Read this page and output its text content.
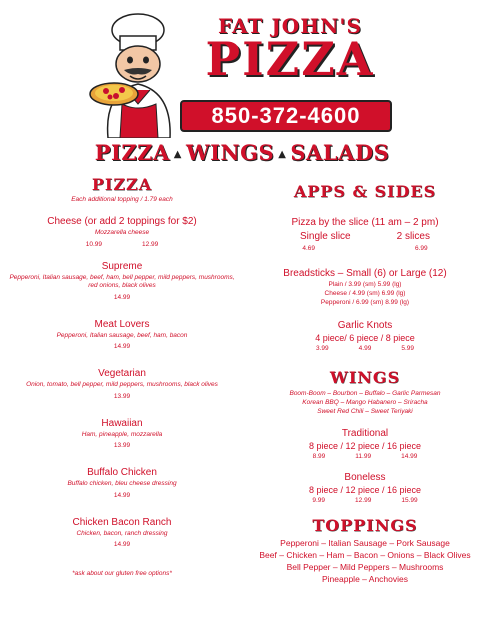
FAT JOHN'S
PIZZA
850-372-4600
PIZZA ▲ WINGS ▲ SALADS
PIZZA
Each additional topping / 1.79 each
Cheese (or add 2 toppings for $2)
Mozzarella cheese
10.99	12.99
Supreme
Pepperoni, Italian sausage, beef, ham, bell pepper, mild peppers, mushrooms, red onions, black olives
14.99
Meat Lovers
Pepperoni, Italian sausage, beef, ham, bacon
14.99
Vegetarian
Onion, tomato, bell pepper, mild peppers, mushrooms, black olives
13.99
Hawaiian
Ham, pineapple, mozzarella
13.99
Buffalo Chicken
Buffalo chicken, bleu cheese dressing
14.99
Chicken Bacon Ranch
Chicken, bacon, ranch dressing
14.99
*ask about our gluten free options*
APPS & SIDES
Pizza by the slice (11 am – 2 pm)
Single slice	2 slices
4.69	6.99
Breadsticks – Small (6) or Large (12)
Plain / 3.99 (sm) 5.99 (lg)
Cheese / 4.99 (sm) 6.99 (lg)
Pepperoni / 6.99 (sm) 8.99 (lg)
Garlic Knots
4 piece/ 6 piece / 8 piece
3.99	4.99	5.99
WINGS
Boom-Boom – Bourbon – Buffalo – Garlic Parmesan
Korean BBQ – Mango Habanero – Sriracha
Sweet Red Chili – Sweet Teriyaki
Traditional
8 piece / 12 piece / 16 piece
8.99	11.99	14.99
Boneless
8 piece / 12 piece / 16 piece
9.99	12.99	15.99
TOPPINGS
Pepperoni – Italian Sausage – Pork Sausage
Beef – Chicken – Ham – Bacon – Onions – Black Olives
Bell Pepper – Mild Peppers – Mushrooms
Pineapple – Anchovies
